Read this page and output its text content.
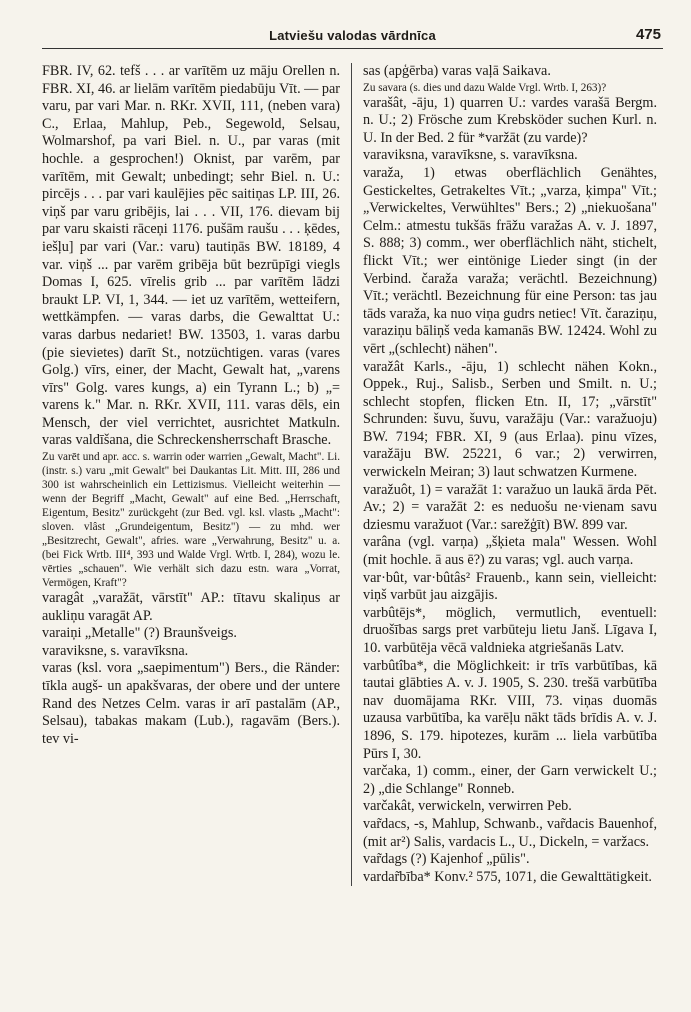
Latviešu valodas vārdnīca	475

FBR. IV, 62. tefš . . . ar varītēm uz māju Orellen n. FBR. XI, 46. ar lielām varītēm piedabūju Vīt. — par varu, par vari Mar. n. RKr. XVII, 111, (neben vara) C., Erlaa, Mahlup, Peb., Segewold, Selsau, Wolmarshof, pa vari Biel. n. U., par varas (mit hochle. a gesprochen!) Oknist, par varēm, par varītēm, mit Gewalt; unbedingt; sehr Biel. n. U.: pircējs . . . par vari kaulējies pēc saitiņas LP. III, 26. viņš par varu gribējis, lai . . . VII, 176. dievam bij par varu skaisti rāceņi 1176. pušām raušu . . . ķēdes, iešļu] par vari (Var.: varu) tautiņās BW. 18189, 4 var. viņš ... par varēm gribēja būt bezrūpīgi viegls Domas I, 625. vīrelis grib ... par varītēm lādzi braukt LP. VI, 1, 344. — iet uz varītēm, wetteifern, wettkämpfen. — varas darbs, die Gewalttat U.: varas darbus nedariet! BW. 13503, 1. varas darbu (pie sievietes) darīt St., notzüchtigen. varas (vares Golg.) vīrs, einer, der Macht, Gewalt hat, „varens vīrs" Golg. vares kungs, a) ein Tyrann L.; b) „= varens k." Mar. n. RKr. XVII, 111. varas dēls, ein Mensch, der viel verrichtet, ausrichtet Matkuln. varas valdīšana, die Schreckensherrschaft Brasche.

Zu varēt und apr. acc. s. warrin oder warrien „Gewalt, Macht". Li. (instr. s.) varu „mit Gewalt" bei Daukantas Lit. Mitt. III, 286 und 300 ist wahrscheinlich ein Lettizismus. Vielleicht weiterhin — wenn der Begriff „Macht, Gewalt" auf eine Bed. „Herrschaft, Eigentum, Besitz" zurückgeht (zur Bed. vgl. ksl. vlastь „Macht": sloven. vlâst „Grundeigentum, Besitz") — zu mhd. wer „Besitzrecht, Gewalt", afries. ware „Verwahrung, Besitz" u. a. (bei Fick Wrtb. III⁴, 393 und Walde Vrgl. Wrtb. I, 284), wozu le. vērties „schauen". Wie verhält sich dazu estn. wara „Vorrat, Vermögen, Kraft"?

varagât „varažāt, vārstīt" AP.: tītavu skaliņus ar aukliņu varagāt AP.

varaiņi „Metalle" (?) Braunšveigs.

varaviksne, s. varavīksna.

varas (ksl. vora „saepimentum") Bers., die Ränder: tīkla augš- un apakšvaras, der obere und der untere Rand des Netzes Celm. varas ir arī pastalām (AP., Selsau), tabakas makam (Lub.), ragavām (Bers.). tev vi-

sas (apģērba) varas vaļā Saikava.

Zu savara (s. dies und dazu Walde Vrgl. Wrtb. I, 263)?

varašât, -āju, 1) quarren U.: vardes varašā Bergm. n. U.; 2) Frösche zum Krebsköder suchen Kurl. n. U. In der Bed. 2 für *varžāt (zu varde)?

varaviksna, varavīksne, s. varavīksna.

varaža, 1) etwas oberflächlich Genähtes, Gestickeltes, Getrakeltes Vīt.; „varza, ķimpa" Vīt.; „Verwickeltes, Verwühltes" Bers.; 2) „niekuošana" Celm.: atmestu tukšās frāžu varažas A. v. J. 1897, S. 888; 3) comm., wer oberflächlich näht, stichelt, flickt Vīt.; wer eintönige Lieder singt (in der Verbind. čaraža varaža; verächtl. Bezeichnung) Vīt.; verächtl. Bezeichnung für eine Person: tas jau tāds varaža, ka nuo viņa gudrs netiec! Vīt. čaraziņu, varaziņu bāliņš veda kamanās BW. 12424. Wohl zu vērt „(schlecht) nähen".

varažât Karls., -āju, 1) schlecht nähen Kokn., Oppek., Ruj., Salisb., Serben und Smilt. n. U.; schlecht stopfen, flicken Etn. II, 17; „vārstīt" Schrunden: šuvu, šuvu, varažāju (Var.: varažuoju) BW. 7194; FBR. XI, 9 (aus Erlaa). pinu vīzes, varažāju BW. 25221, 6 var.; 2) verwirren, verwickeln Meiran; 3) laut schwatzen Kurmene.

varažuôt, 1) = varažāt 1: varažuo un laukā ārda Pēt. Av.; 2) = varažāt 2: es neduošu ne·vienam savu dziesmu varažuot (Var.: sarežģīt) BW. 899 var.

varâna (vgl. varņa) „šķieta mala" Wessen. Wohl (mit hochle. ā aus ē?) zu varas; vgl. auch varņa.

var·bût, var·bûtâs² Frauenb., kann sein, vielleicht: viņš varbūt jau aizgājis.

varbûtējs*, möglich, vermutlich, eventuell: druošības sargs pret varbūteju lietu Janš. Līgava I, 10. varbūtēja vēcā valdnieka atgriešanās Latv.

varbûtîba*, die Möglichkeit: ir trīs varbūtības, kā tautai glābties A. v. J. 1905, S. 230. trešā varbūtība nav duomājama RKr. VIII, 73. viņas duomās uzausa varbūtība, ka varēļu nākt tāds brīdis A. v. J. 1896, S. 179. hipotezes, kurām ... liela varbūtība Pūrs I, 30.

varčaka, 1) comm., einer, der Garn verwickelt U.; 2) „die Schlange" Ronneb.

varčakât, verwickeln, verwirren Peb.

var̃dacs, -s, Mahlup, Schwanb., var̃dacis Bauenhof, (mit ar²) Salis, vardacis L., U., Dickeln, = varžacs.

var̃dags (?) Kajenhof „pūlis".

vardar̃bība* Konv.² 575, 1071, die Gewalttätigkeit.
